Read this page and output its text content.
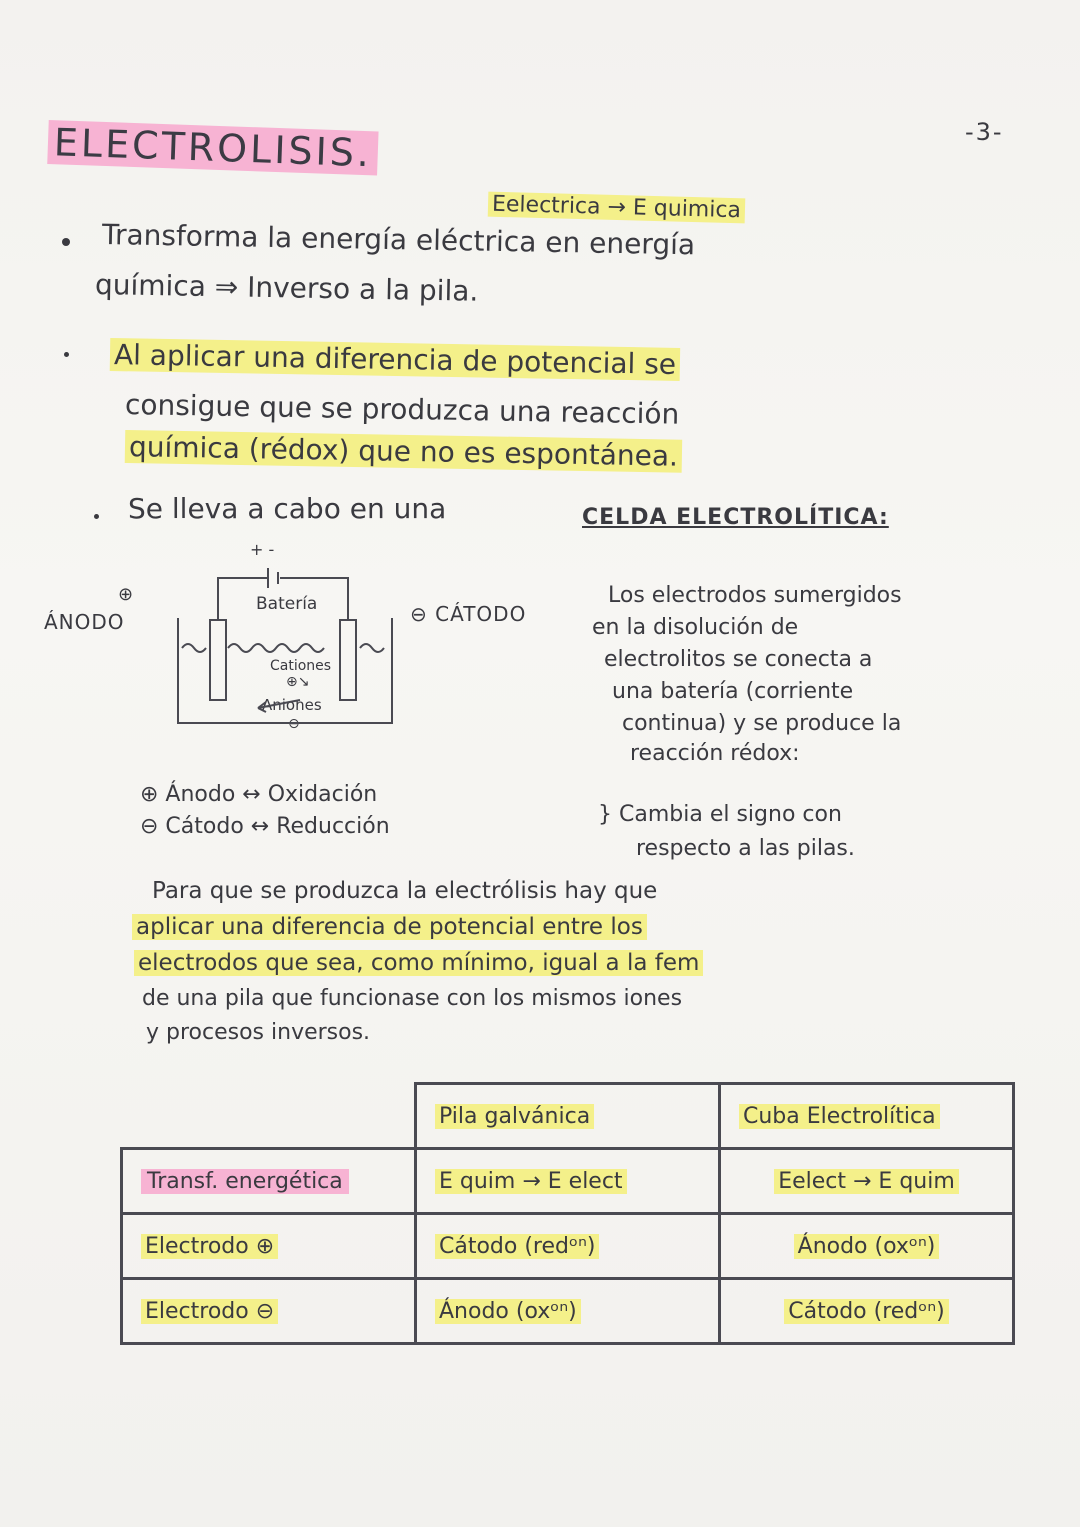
-3-
ELECTROLISIS.
Eelectrica → E quimica
Transforma la energía eléctrica en energía
química ⇒ Inverso a la pila.
Al aplicar una diferencia de potencial se
consigue que se produzca una reacción
química (rédox) que no es espontánea.
Se lleva a cabo en una	CELDA ELECTROLÍTICA:
⊕
ÁNODO	⊖ CÁTODO
+ -
Batería
Cationes
⊕↘
Aniones
⊖
Los electrodos sumergidos
en la disolución de
electrolitos se conecta a
una batería (corriente
continua) y se produce la
reacción rédox:
⊕ Ánodo ↔ Oxidación
⊖ Cátodo ↔ Reducción	} Cambia el signo con
respecto a las pilas.
Para que se produzca la electrólisis hay que
aplicar una diferencia de potencial entre los
electrodos que sea, como mínimo, igual a la fem
de una pila que funcionase con los mismos iones
y procesos inversos.
	Pila galvánica	Cuba Electrolítica
Transf. energética	E quim → E elect	Eelect → E quim
Electrodo ⊕	Cátodo (redᵒⁿ)	Ánodo (oxᵒⁿ)
Electrodo ⊖	Ánodo (oxᵒⁿ)	Cátodo (redᵒⁿ)
